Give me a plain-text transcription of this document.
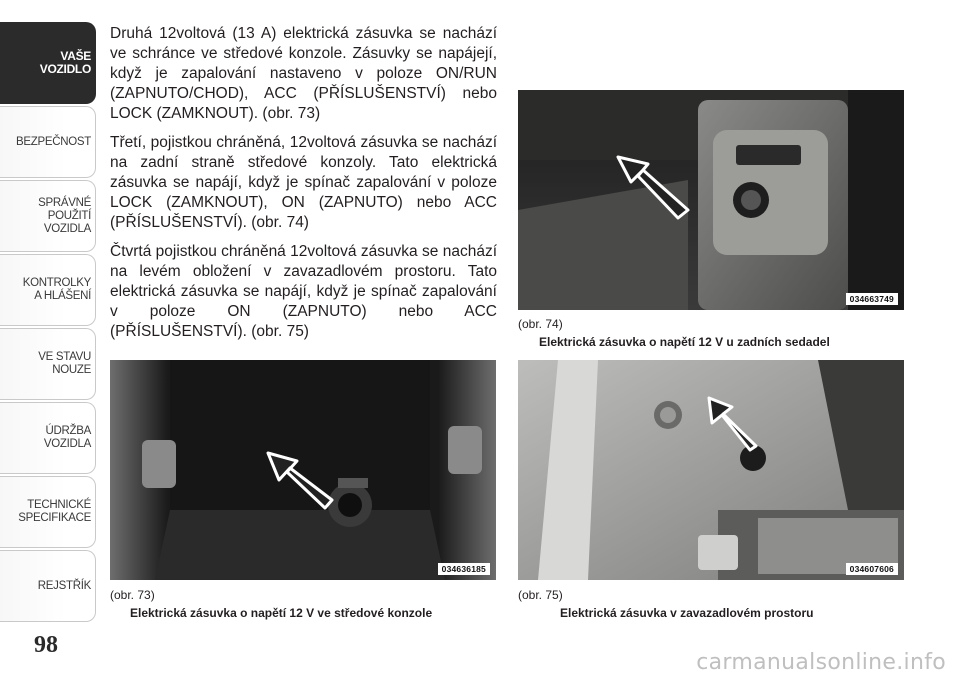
VAŠE
VOZIDLO
BEZPEČNOST
SPRÁVNÉ
POUŽITÍ
VOZIDLA
KONTROLKY
A HLÁŠENÍ
VE STAVU
NOUZE
ÚDRŽBA
VOZIDLA
TECHNICKÉ
SPECIFIKACE
REJSTŘÍK
98

Druhá 12voltová (13 A) elektrická zásuvka se nachází ve schránce ve středové konzole. Zásuvky se napájejí, když je zapalování nastaveno v poloze ON/RUN (ZAPNUTO/CHOD), ACC (PŘÍSLUŠENSTVÍ) nebo LOCK (ZAMKNOUT). (obr. 73)

Třetí, pojistkou chráněná, 12voltová zásuvka se nachází na zadní straně středové konzoly. Tato elektrická zásuvka se napájí, když je spínač zapalování v poloze LOCK (ZAMKNOUT), ON (ZAPNUTO) nebo ACC (PŘÍSLUŠENSTVÍ). (obr. 74)

Čtvrtá pojistkou chráněná 12voltová zásuvka se nachází na levém obložení v zavazadlovém prostoru. Tato elektrická zásuvka se napájí, když je spínač zapalování v poloze ON (ZAPNUTO) nebo ACC (PŘÍSLUŠENSTVÍ). (obr. 75)

034663749
(obr. 74)
Elektrická zásuvka o napětí 12 V u zadních sedadel
034636185
(obr. 73)
Elektrická zásuvka o napětí 12 V ve středové konzole
034607606
(obr. 75)
Elektrická zásuvka v zavazadlovém prostoru
carmanualsonline.info
